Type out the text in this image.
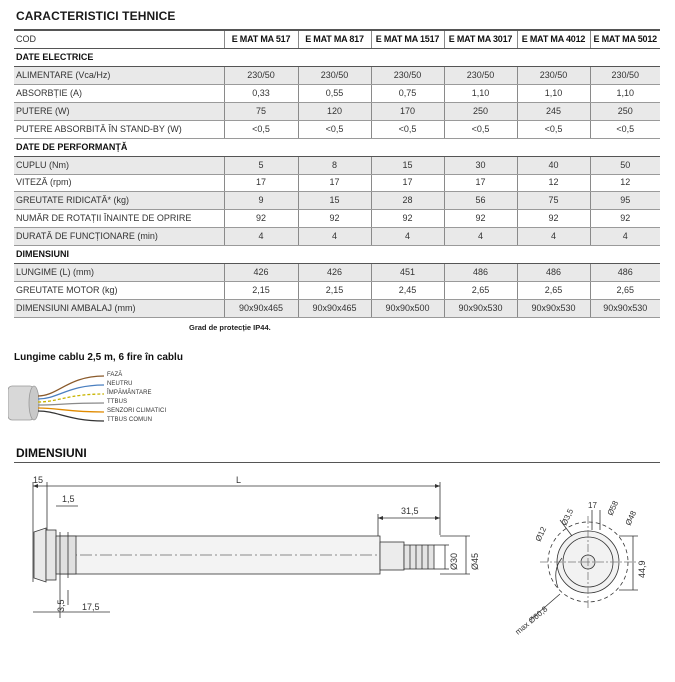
CARACTERISTICI TEHNICE
COD	E MAT MA 517	E MAT MA 817	E MAT MA 1517	E MAT MA 3017	E MAT MA 4012	E MAT MA 5012
DATE ELECTRICE						
ALIMENTARE (Vca/Hz)	230/50	230/50	230/50	230/50	230/50	230/50
ABSORBȚIE (A)	0,33	0,55	0,75	1,10	1,10	1,10
PUTERE (W)	75	120	170	250	245	250
PUTERE ABSORBITĂ ÎN STAND-BY (W)	<0,5	<0,5	<0,5	<0,5	<0,5	<0,5
DATE DE PERFORMANȚĂ						
CUPLU (Nm)	5	8	15	30	40	50
VITEZĂ (rpm)	17	17	17	17	12	12
GREUTATE RIDICATĂ* (kg)	9	15	28	56	75	95
NUMĂR DE ROTAȚII ÎNAINTE DE OPRIRE	92	92	92	92	92	92
DURATĂ DE FUNCȚIONARE (min)	4	4	4	4	4	4
DIMENSIUNI						
LUNGIME (L) (mm)	426	426	451	486	486	486
GREUTATE MOTOR (kg)	2,15	2,15	2,45	2,65	2,65	2,65
DIMENSIUNI AMBALAJ (mm)	90x90x465	90x90x465	90x90x500	90x90x530	90x90x530	90x90x530
Grad de protecție IP44.
Lungime cablu 2,5 m, 6 fire în cablu
FAZĂ
NEUTRU
ÎMPĂMÂNTARE
TTBUS
SENZORI CLIMATICI
TTBUS COMUN
DIMENSIUNI
15
1,5
L
31,5
Ø30 Ø45
3,5 17,5
Ø3,5
17 Ø58
Ø48
Ø12
44,9
max Ø60,8
